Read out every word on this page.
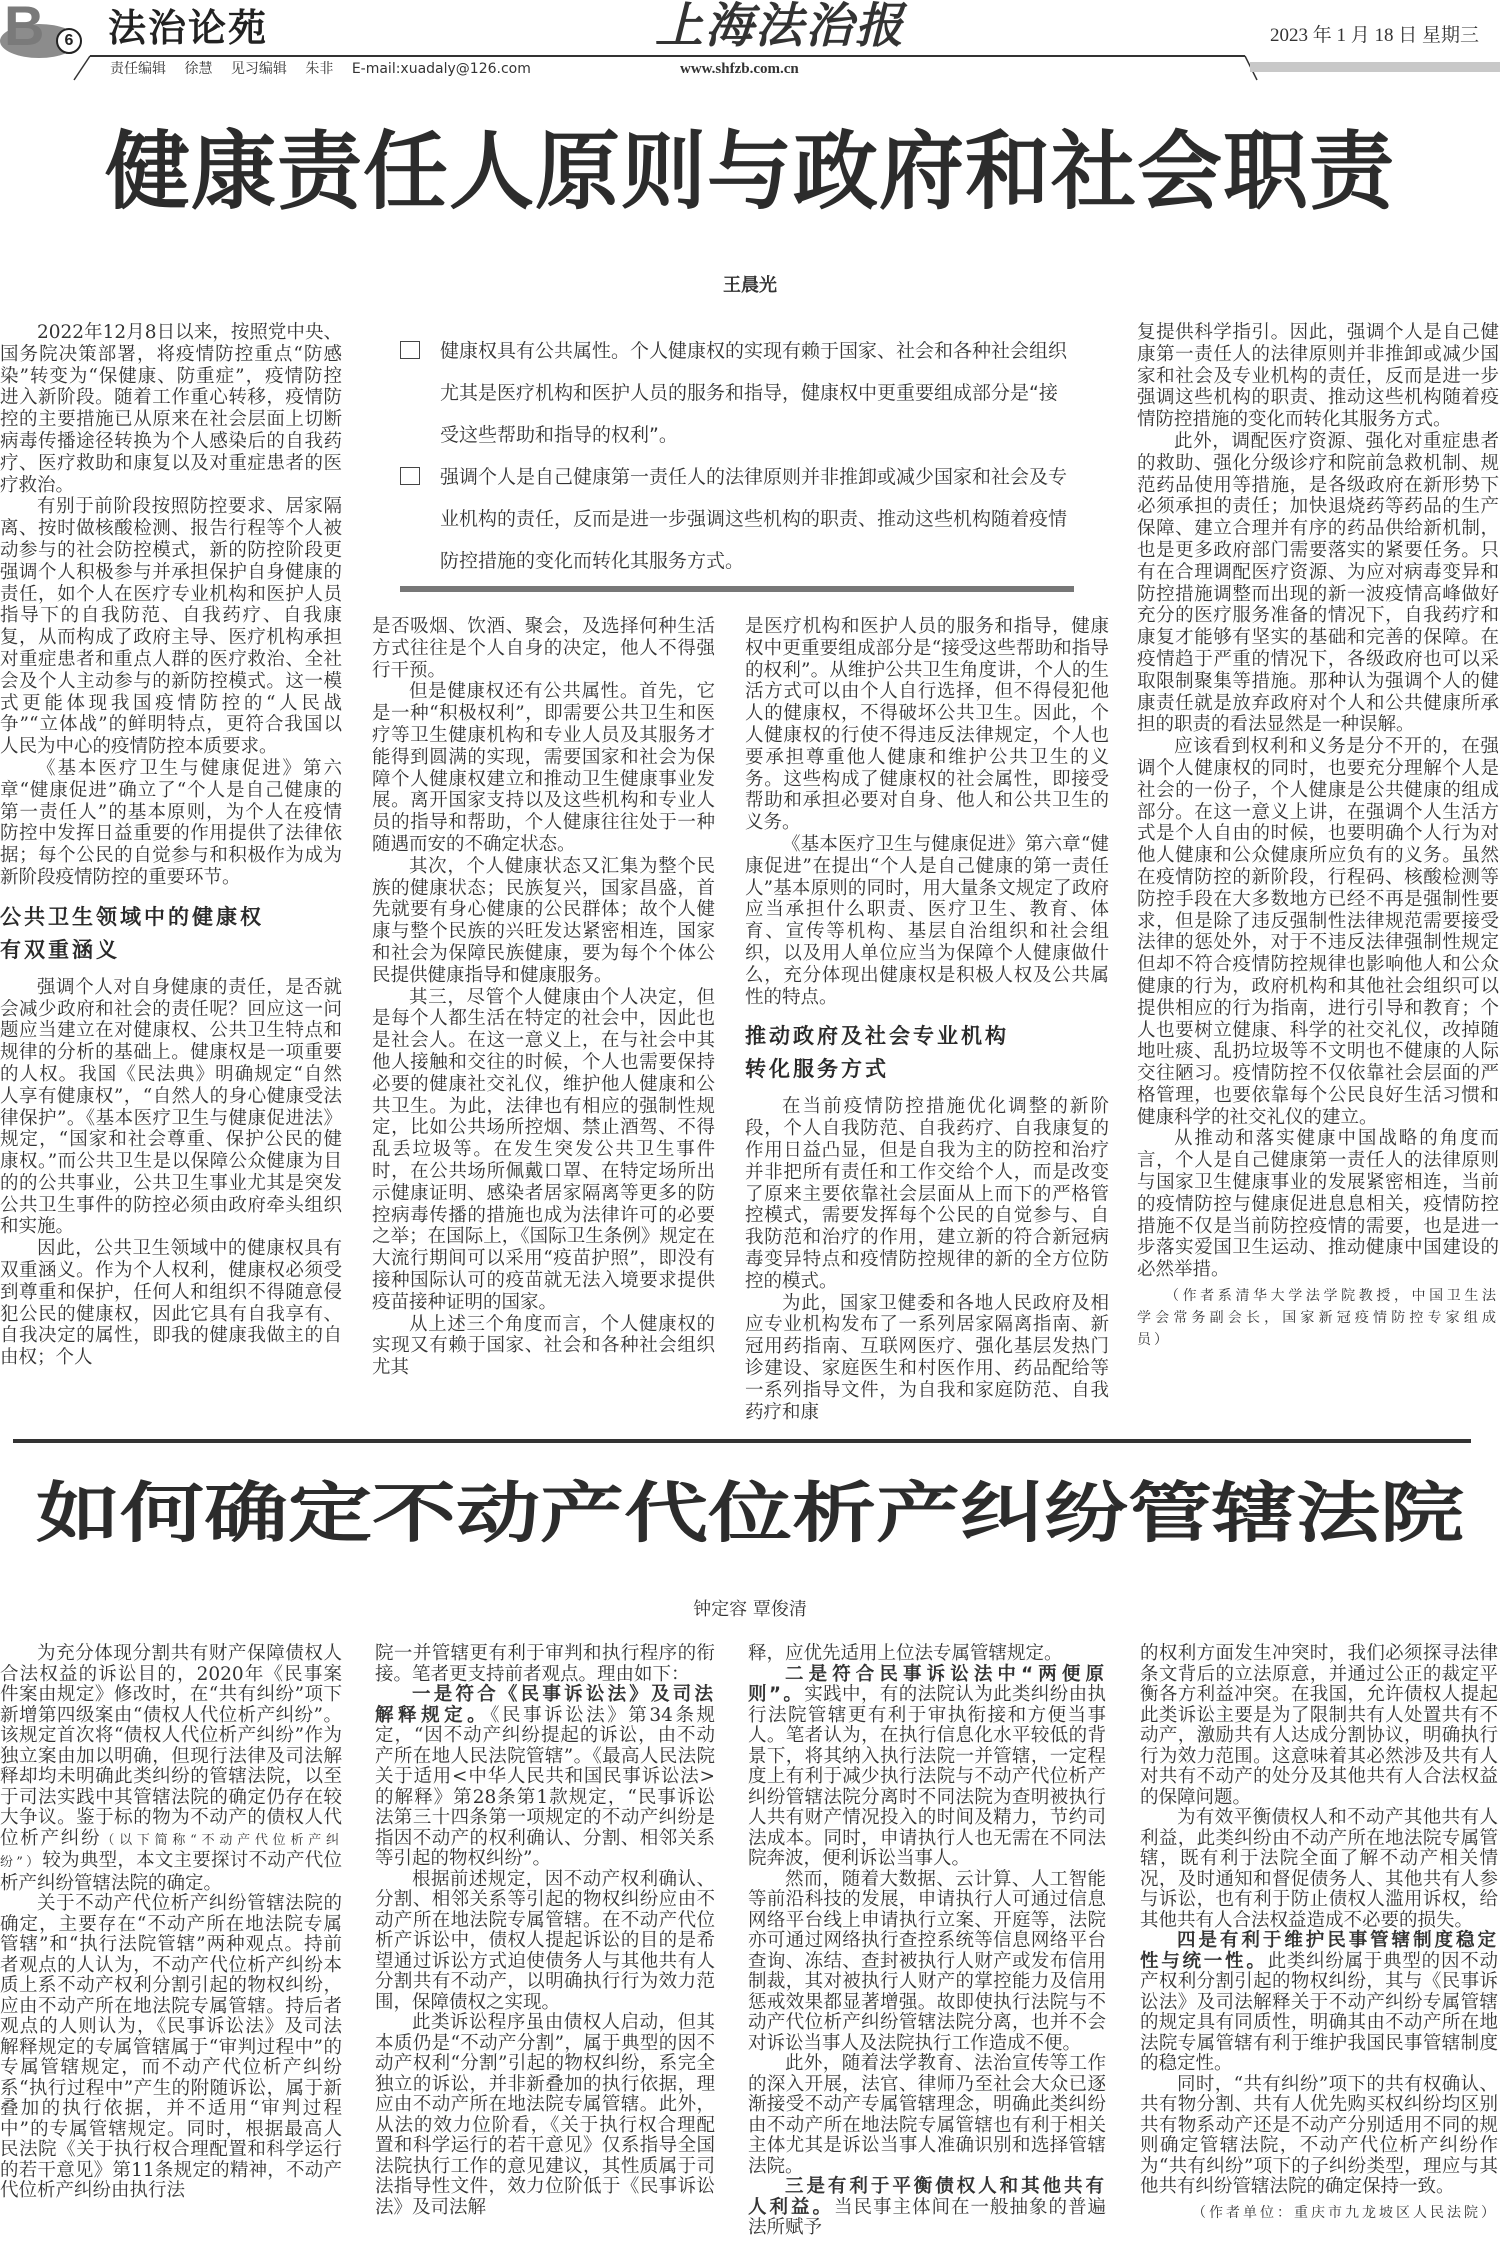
B	6 法治论苑	上海法治报	2023 年 1 月 18 日 星期三
责任编辑 徐慧 见习编辑 朱非 E-mail:xuadaly@126.com	www.shfzb.com.cn
健康责任人原则与政府和社会职责
王晨光
健康权具有公共属性。个人健康权的实现有赖于国家、社会和各种社会组织尤其是医疗机构和医护人员的服务和指导，健康权中更重要组成部分是“接受这些帮助和指导的权利”。
强调个人是自己健康第一责任人的法律原则并非推卸或减少国家和社会及专业机构的责任，反而是进一步强调这些机构的职责、推动这些机构随着疫情防控措施的变化而转化其服务方式。

2022年12月8日以来，按照党中央、国务院决策部署，将疫情防控重点“防感染”转变为“保健康、防重症”，疫情防控进入新阶段。随着工作重心转移，疫情防控的主要措施已从原来在社会层面上切断病毒传播途径转换为个人感染后的自我药疗、医疗救助和康复以及对重症患者的医疗救治。

有别于前阶段按照防控要求、居家隔离、按时做核酸检测、报告行程等个人被动参与的社会防控模式，新的防控阶段更强调个人积极参与并承担保护自身健康的责任，如个人在医疗专业机构和医护人员指导下的自我防范、自我药疗、自我康复，从而构成了政府主导、医疗机构承担对重症患者和重点人群的医疗救治、全社会及个人主动参与的新防控模式。这一模式更能体现我国疫情防控的“人民战争”“立体战”的鲜明特点，更符合我国以人民为中心的疫情防控本质要求。

《基本医疗卫生与健康促进》第六章“健康促进”确立了“个人是自己健康的第一责任人”的基本原则，为个人在疫情防控中发挥日益重要的作用提供了法律依据；每个公民的自觉参与和积极作为成为新阶段疫情防控的重要环节。

公共卫生领域中的健康权
有双重涵义

强调个人对自身健康的责任，是否就会减少政府和社会的责任呢？回应这一问题应当建立在对健康权、公共卫生特点和规律的分析的基础上。健康权是一项重要的人权。我国《民法典》明确规定“自然人享有健康权”，“自然人的身心健康受法律保护”。《基本医疗卫生与健康促进法》规定，“国家和社会尊重、保护公民的健康权。”而公共卫生是以保障公众健康为目的的公共事业，公共卫生事业尤其是突发公共卫生事件的防控必须由政府牵头组织和实施。

因此，公共卫生领域中的健康权具有双重涵义。作为个人权利，健康权必须受到尊重和保护，任何人和组织不得随意侵犯公民的健康权，因此它具有自我享有、自我决定的属性，即我的健康我做主的自由权；个人

是否吸烟、饮酒、聚会，及选择何种生活方式往往是个人自身的决定，他人不得强行干预。

但是健康权还有公共属性。首先，它是一种“积极权利”，即需要公共卫生和医疗等卫生健康机构和专业人员及其服务才能得到圆满的实现，需要国家和社会为保障个人健康权建立和推动卫生健康事业发展。离开国家支持以及这些机构和专业人员的指导和帮助，个人健康往往处于一种随遇而安的不确定状态。

其次，个人健康状态又汇集为整个民族的健康状态；民族复兴，国家昌盛，首先就要有身心健康的公民群体；故个人健康与整个民族的兴旺发达紧密相连，国家和社会为保障民族健康，要为每个个体公民提供健康指导和健康服务。

其三，尽管个人健康由个人决定，但是每个人都生活在特定的社会中，因此也是社会人。在这一意义上，在与社会中其他人接触和交往的时候，个人也需要保持必要的健康社交礼仪，维护他人健康和公共卫生。为此，法律也有相应的强制性规定，比如公共场所控烟、禁止酒驾、不得乱丢垃圾等。在发生突发公共卫生事件时，在公共场所佩戴口罩、在特定场所出示健康证明、感染者居家隔离等更多的防控病毒传播的措施也成为法律许可的必要之举；在国际上，《国际卫生条例》规定在大流行期间可以采用“疫苗护照”，即没有接种国际认可的疫苗就无法入境要求提供疫苗接种证明的国家。

从上述三个角度而言，个人健康权的实现又有赖于国家、社会和各种社会组织尤其

是医疗机构和医护人员的服务和指导，健康权中更重要组成部分是“接受这些帮助和指导的权利”。从维护公共卫生角度讲，个人的生活方式可以由个人自行选择，但不得侵犯他人的健康权，不得破坏公共卫生。因此，个人健康权的行使不得违反法律规定，个人也要承担尊重他人健康和维护公共卫生的义务。这些构成了健康权的社会属性，即接受帮助和承担必要对自身、他人和公共卫生的义务。

《基本医疗卫生与健康促进》第六章“健康促进”在提出“个人是自己健康的第一责任人”基本原则的同时，用大量条文规定了政府应当承担什么职责、医疗卫生、教育、体育、宣传等机构、基层自治组织和社会组织，以及用人单位应当为保障个人健康做什么，充分体现出健康权是积极人权及公共属性的特点。

推动政府及社会专业机构
转化服务方式

在当前疫情防控措施优化调整的新阶段，个人自我防范、自我药疗、自我康复的作用日益凸显，但是自我为主的防控和治疗并非把所有责任和工作交给个人，而是改变了原来主要依靠社会层面从上而下的严格管控模式，需要发挥每个公民的自觉参与、自我防范和治疗的作用，建立新的符合新冠病毒变异特点和疫情防控规律的新的全方位防控的模式。

为此，国家卫健委和各地人民政府及相应专业机构发布了一系列居家隔离指南、新冠用药指南、互联网医疗、强化基层发热门诊建设、家庭医生和村医作用、药品配给等一系列指导文件，为自我和家庭防范、自我药疗和康

复提供科学指引。因此，强调个人是自己健康第一责任人的法律原则并非推卸或减少国家和社会及专业机构的责任，反而是进一步强调这些机构的职责、推动这些机构随着疫情防控措施的变化而转化其服务方式。

此外，调配医疗资源、强化对重症患者的救助、强化分级诊疗和院前急救机制、规范药品使用等措施，是各级政府在新形势下必须承担的责任；加快退烧药等药品的生产保障、建立合理并有序的药品供给新机制，也是更多政府部门需要落实的紧要任务。只有在合理调配医疗资源、为应对病毒变异和防控措施调整而出现的新一波疫情高峰做好充分的医疗服务准备的情况下，自我药疗和康复才能够有坚实的基础和完善的保障。在疫情趋于严重的情况下，各级政府也可以采取限制聚集等措施。那种认为强调个人的健康责任就是放弃政府对个人和公共健康所承担的职责的看法显然是一种误解。

应该看到权利和义务是分不开的，在强调个人健康权的同时，也要充分理解个人是社会的一份子，个人健康是公共健康的组成部分。在这一意义上讲，在强调个人生活方式是个人自由的时候，也要明确个人行为对他人健康和公众健康所应负有的义务。虽然在疫情防控的新阶段，行程码、核酸检测等防控手段在大多数地方已经不再是强制性要求，但是除了违反强制性法律规范需要接受法律的惩处外，对于不违反法律强制性规定但却不符合疫情防控规律也影响他人和公众健康的行为，政府机构和其他社会组织可以提供相应的行为指南，进行引导和教育；个人也要树立健康、科学的社交礼仪，改掉随地吐痰、乱扔垃圾等不文明也不健康的人际交往陋习。疫情防控不仅依靠社会层面的严格管理，也要依靠每个公民良好生活习惯和健康科学的社交礼仪的建立。

从推动和落实健康中国战略的角度而言，个人是自己健康第一责任人的法律原则与国家卫生健康事业的发展紧密相连，当前的疫情防控与健康促进息息相关，疫情防控措施不仅是当前防控疫情的需要，也是进一步落实爱国卫生运动、推动健康中国建设的必然举措。

（作者系清华大学法学院教授，中国卫生法学会常务副会长，国家新冠疫情防控专家组成员）

如何确定不动产代位析产纠纷管辖法院
钟定容 覃俊清

为充分体现分割共有财产保障债权人合法权益的诉讼目的，2020年《民事案件案由规定》修改时，在“共有纠纷”项下新增第四级案由“债权人代位析产纠纷”。该规定首次将“债权人代位析产纠纷”作为独立案由加以明确，但现行法律及司法解释却均未明确此类纠纷的管辖法院，以至于司法实践中其管辖法院的确定仍存在较大争议。鉴于标的物为不动产的债权人代位析产纠纷（以下简称“不动产代位析产纠纷”）较为典型，本文主要探讨不动产代位析产纠纷管辖法院的确定。

关于不动产代位析产纠纷管辖法院的确定，主要存在“不动产所在地法院专属管辖”和“执行法院管辖”两种观点。持前者观点的人认为，不动产代位析产纠纷本质上系不动产权利分割引起的物权纠纷，应由不动产所在地法院专属管辖。持后者观点的人则认为，《民事诉讼法》及司法解释规定的专属管辖属于“审判过程中”的专属管辖规定，而不动产代位析产纠纷系“执行过程中”产生的附随诉讼，属于新叠加的执行依据，并不适用“审判过程中”的专属管辖规定。同时，根据最高人民法院《关于执行权合理配置和科学运行的若干意见》第11条规定的精神，不动产代位析产纠纷由执行法

院一并管辖更有利于审判和执行程序的衔接。笔者更支持前者观点。理由如下：

一是符合《民事诉讼法》及司法解释规定。《民事诉讼法》第34条规定，“因不动产纠纷提起的诉讼，由不动产所在地人民法院管辖”。《最高人民法院关于适用<中华人民共和国民事诉讼法>的解释》第28条第1款规定，“民事诉讼法第三十四条第一项规定的不动产纠纷是指因不动产的权利确认、分割、相邻关系等引起的物权纠纷”。

根据前述规定，因不动产权利确认、分割、相邻关系等引起的物权纠纷应由不动产所在地法院专属管辖。在不动产代位析产诉讼中，债权人提起诉讼的目的是希望通过诉讼方式迫使债务人与其他共有人分割共有不动产，以明确执行行为效力范围，保障债权之实现。

此类诉讼程序虽由债权人启动，但其本质仍是“不动产分割”，属于典型的因不动产权利“分割”引起的物权纠纷，系完全独立的诉讼，并非新叠加的执行依据，理应由不动产所在地法院专属管辖。此外，从法的效力位阶看，《关于执行权合理配置和科学运行的若干意见》仅系指导全国法院执行工作的意见建议，其性质属于司法指导性文件，效力位阶低于《民事诉讼法》及司法解

释，应优先适用上位法专属管辖规定。

二是符合民事诉讼法中“两便原则”。实践中，有的法院认为此类纠纷由执行法院管辖更有利于审执衔接和方便当事人。笔者认为，在执行信息化水平较低的背景下，将其纳入执行法院一并管辖，一定程度上有利于减少执行法院与不动产代位析产纠纷管辖法院分离时不同法院为查明被执行人共有财产情况投入的时间及精力，节约司法成本。同时，申请执行人也无需在不同法院奔波，便利诉讼当事人。

然而，随着大数据、云计算、人工智能等前沿科技的发展，申请执行人可通过信息网络平台线上申请执行立案、开庭等，法院亦可通过网络执行查控系统等信息网络平台查询、冻结、查封被执行人财产或发布信用制裁，其对被执行人财产的掌控能力及信用惩戒效果都显著增强。故即使执行法院与不动产代位析产纠纷管辖法院分离，也并不会对诉讼当事人及法院执行工作造成不便。

此外，随着法学教育、法治宣传等工作的深入开展，法官、律师乃至社会大众已逐渐接受不动产专属管辖理念，明确此类纠纷由不动产所在地法院专属管辖也有利于相关主体尤其是诉讼当事人准确识别和选择管辖法院。

三是有利于平衡债权人和其他共有人利益。当民事主体间在一般抽象的普遍法所赋予

的权利方面发生冲突时，我们必须探寻法律条文背后的立法原意，并通过公正的裁定平衡各方利益冲突。在我国，允许债权人提起此类诉讼主要是为了限制共有人处置共有不动产，激励共有人达成分割协议，明确执行行为效力范围。这意味着其必然涉及共有人对共有不动产的处分及其他共有人合法权益的保障问题。

为有效平衡债权人和不动产其他共有人利益，此类纠纷由不动产所在地法院专属管辖，既有利于法院全面了解不动产相关情况，及时通知和督促债务人、其他共有人参与诉讼，也有利于防止债权人滥用诉权，给其他共有人合法权益造成不必要的损失。

四是有利于维护民事管辖制度稳定性与统一性。此类纠纷属于典型的因不动产权利分割引起的物权纠纷，其与《民事诉讼法》及司法解释关于不动产纠纷专属管辖的规定具有同质性，明确其由不动产所在地法院专属管辖有利于维护我国民事管辖制度的稳定性。

同时，“共有纠纷”项下的共有权确认、共有物分割、共有人优先购买权纠纷均区别共有物系动产还是不动产分别适用不同的规则确定管辖法院，不动产代位析产纠纷作为“共有纠纷”项下的子纠纷类型，理应与其他共有纠纷管辖法院的确定保持一致。

（作者单位：重庆市九龙坡区人民法院）
